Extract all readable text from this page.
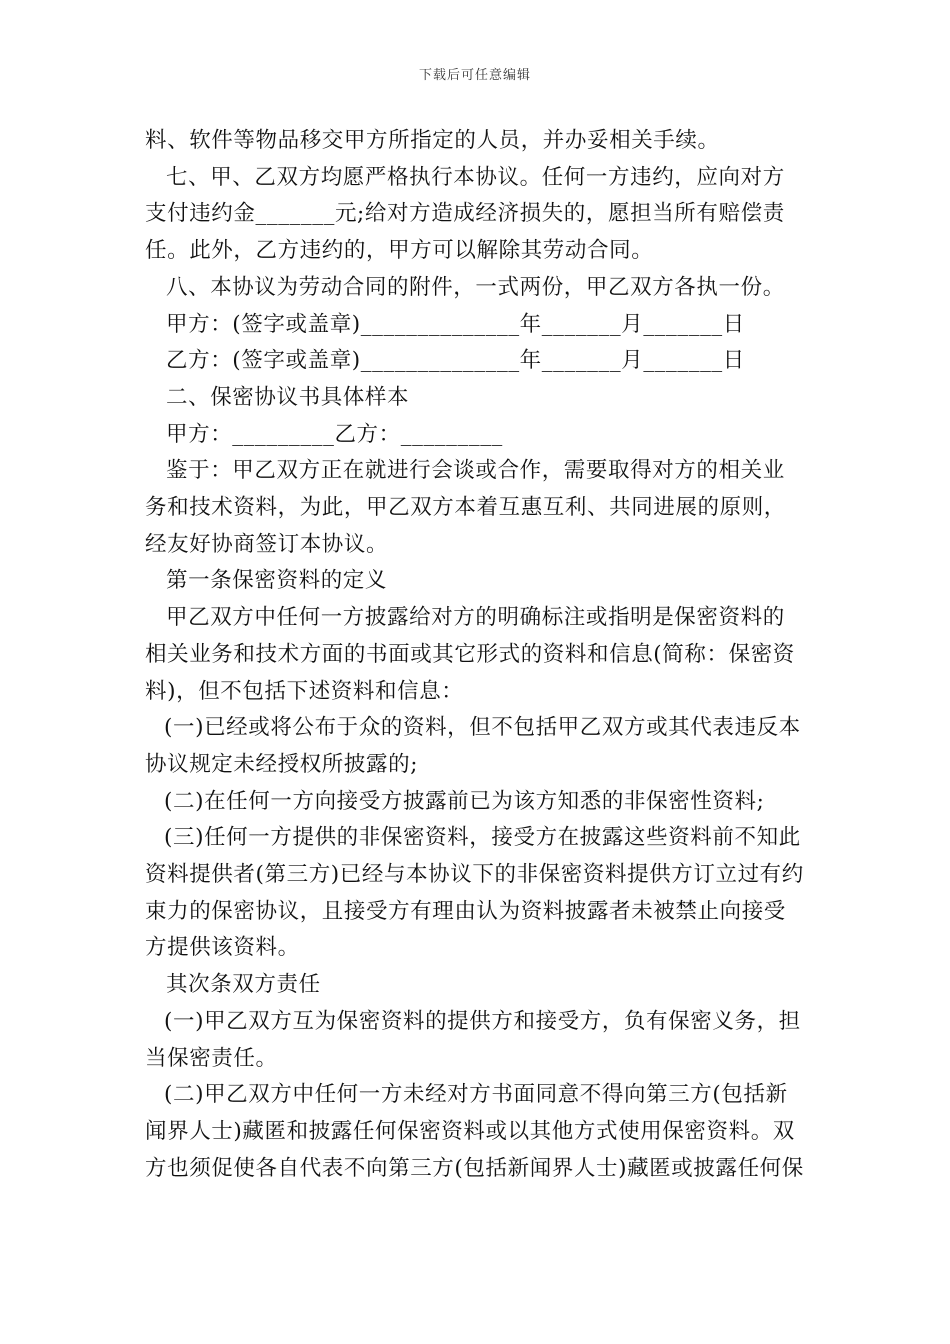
下载后可任意编辑

料、软件等物品移交甲方所指定的人员，并办妥相关手续。

七、甲、乙双方均愿严格执行本协议。任何一方违约，应向对方

支付违约金_______元;给对方造成经济损失的，愿担当所有赔偿责

任。此外，乙方违约的，甲方可以解除其劳动合同。

八、本协议为劳动合同的附件，一式两份，甲乙双方各执一份。

甲方：(签字或盖章)______________年_______月_______日

乙方：(签字或盖章)______________年_______月_______日

二、保密协议书具体样本

甲方：_________乙方：_________

鉴于：甲乙双方正在就进行会谈或合作，需要取得对方的相关业

务和技术资料，为此，甲乙双方本着互惠互利、共同进展的原则，

经友好协商签订本协议。

第一条保密资料的定义

甲乙双方中任何一方披露给对方的明确标注或指明是保密资料的

相关业务和技术方面的书面或其它形式的资料和信息(简称：保密资

料)，但不包括下述资料和信息：

(一)已经或将公布于众的资料，但不包括甲乙双方或其代表违反本

协议规定未经授权所披露的;

(二)在任何一方向接受方披露前已为该方知悉的非保密性资料;

(三)任何一方提供的非保密资料，接受方在披露这些资料前不知此

资料提供者(第三方)已经与本协议下的非保密资料提供方订立过有约

束力的保密协议，且接受方有理由认为资料披露者未被禁止向接受

方提供该资料。

其次条双方责任

(一)甲乙双方互为保密资料的提供方和接受方，负有保密义务，担

当保密责任。

(二)甲乙双方中任何一方未经对方书面同意不得向第三方(包括新

闻界人士)藏匿和披露任何保密资料或以其他方式使用保密资料。双

方也须促使各自代表不向第三方(包括新闻界人士)藏匿或披露任何保
